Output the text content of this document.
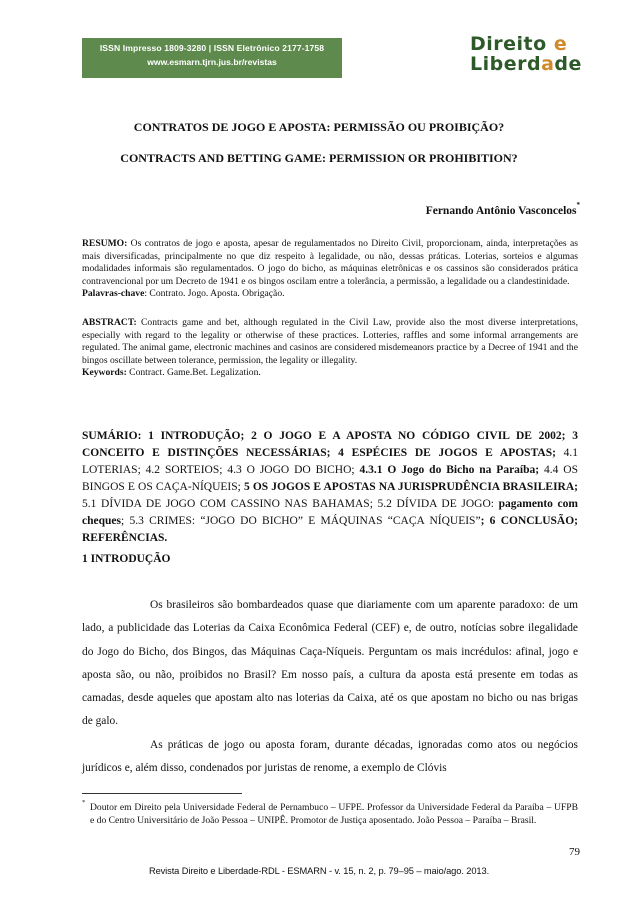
ISSN Impresso 1809-3280 | ISSN Eletrônico 2177-1758
www.esmarn.tjrn.jus.br/revistas
Direito e
Liberdade
CONTRATOS DE JOGO E APOSTA: PERMISSÃO OU PROIBIÇÃO?
CONTRACTS AND BETTING GAME: PERMISSION OR PROHIBITION?
Fernando Antônio Vasconcelos*
RESUMO: Os contratos de jogo e aposta, apesar de regulamentados no Direito Civil, proporcionam, ainda, interpretações as mais diversificadas, principalmente no que diz respeito à legalidade, ou não, dessas práticas. Loterias, sorteios e algumas modalidades informais são regulamentados. O jogo do bicho, as máquinas eletrônicas e os cassinos são considerados prática contravencional por um Decreto de 1941 e os bingos oscilam entre a tolerância, a permissão, a legalidade ou a clandestinidade.
Palavras-chave: Contrato. Jogo. Aposta. Obrigação.
ABSTRACT: Contracts game and bet, although regulated in the Civil Law, provide also the most diverse interpretations, especially with regard to the legality or otherwise of these practices. Lotteries, raffles and some informal arrangements are regulated. The animal game, electronic machines and casinos are considered misdemeanors practice by a Decree of 1941 and the bingos oscillate between tolerance, permission, the legality or illegality.
Keywords: Contract. Game.Bet. Legalization.
SUMÁRIO: 1 INTRODUÇÃO; 2 O JOGO E A APOSTA NO CÓDIGO CIVIL DE 2002; 3 CONCEITO E DISTINÇÕES NECESSÁRIAS; 4 ESPÉCIES DE JOGOS E APOSTAS; 4.1 LOTERIAS; 4.2 SORTEIOS; 4.3 O JOGO DO BICHO; 4.3.1 O Jogo do Bicho na Paraíba; 4.4 OS BINGOS E OS CAÇA-NÍQUEIS; 5 OS JOGOS E APOSTAS NA JURISPRUDÊNCIA BRASILEIRA; 5.1 DÍVIDA DE JOGO COM CASSINO NAS BAHAMAS; 5.2 DÍVIDA DE JOGO: pagamento com cheques; 5.3 CRIMES: “JOGO DO BICHO” E MÁQUINAS “CAÇA NÍQUEIS”; 6 CONCLUSÃO; REFERÊNCIAS.
1 INTRODUÇÃO

Os brasileiros são bombardeados quase que diariamente com um aparente paradoxo: de um lado, a publicidade das Loterias da Caixa Econômica Federal (CEF) e, de outro, notícias sobre ilegalidade do Jogo do Bicho, dos Bingos, das Máquinas Caça-Níqueis. Perguntam os mais incrédulos: afinal, jogo e aposta são, ou não, proibidos no Brasil? Em nosso país, a cultura da aposta está presente em todas as camadas, desde aqueles que apostam alto nas loterias da Caixa, até os que apostam no bicho ou nas brigas de galo.

As práticas de jogo ou aposta foram, durante décadas, ignoradas como atos ou negócios jurídicos e, além disso, condenados por juristas de renome, a exemplo de Clóvis

* Doutor em Direito pela Universidade Federal de Pernambuco – UFPE. Professor da Universidade Federal da Paraíba – UFPB e do Centro Universitário de João Pessoa – UNIPÊ. Promotor de Justiça aposentado. João Pessoa – Paraíba – Brasil.
79
Revista Direito e Liberdade-RDL - ESMARN - v. 15, n. 2, p. 79–95 – maio/ago. 2013.
